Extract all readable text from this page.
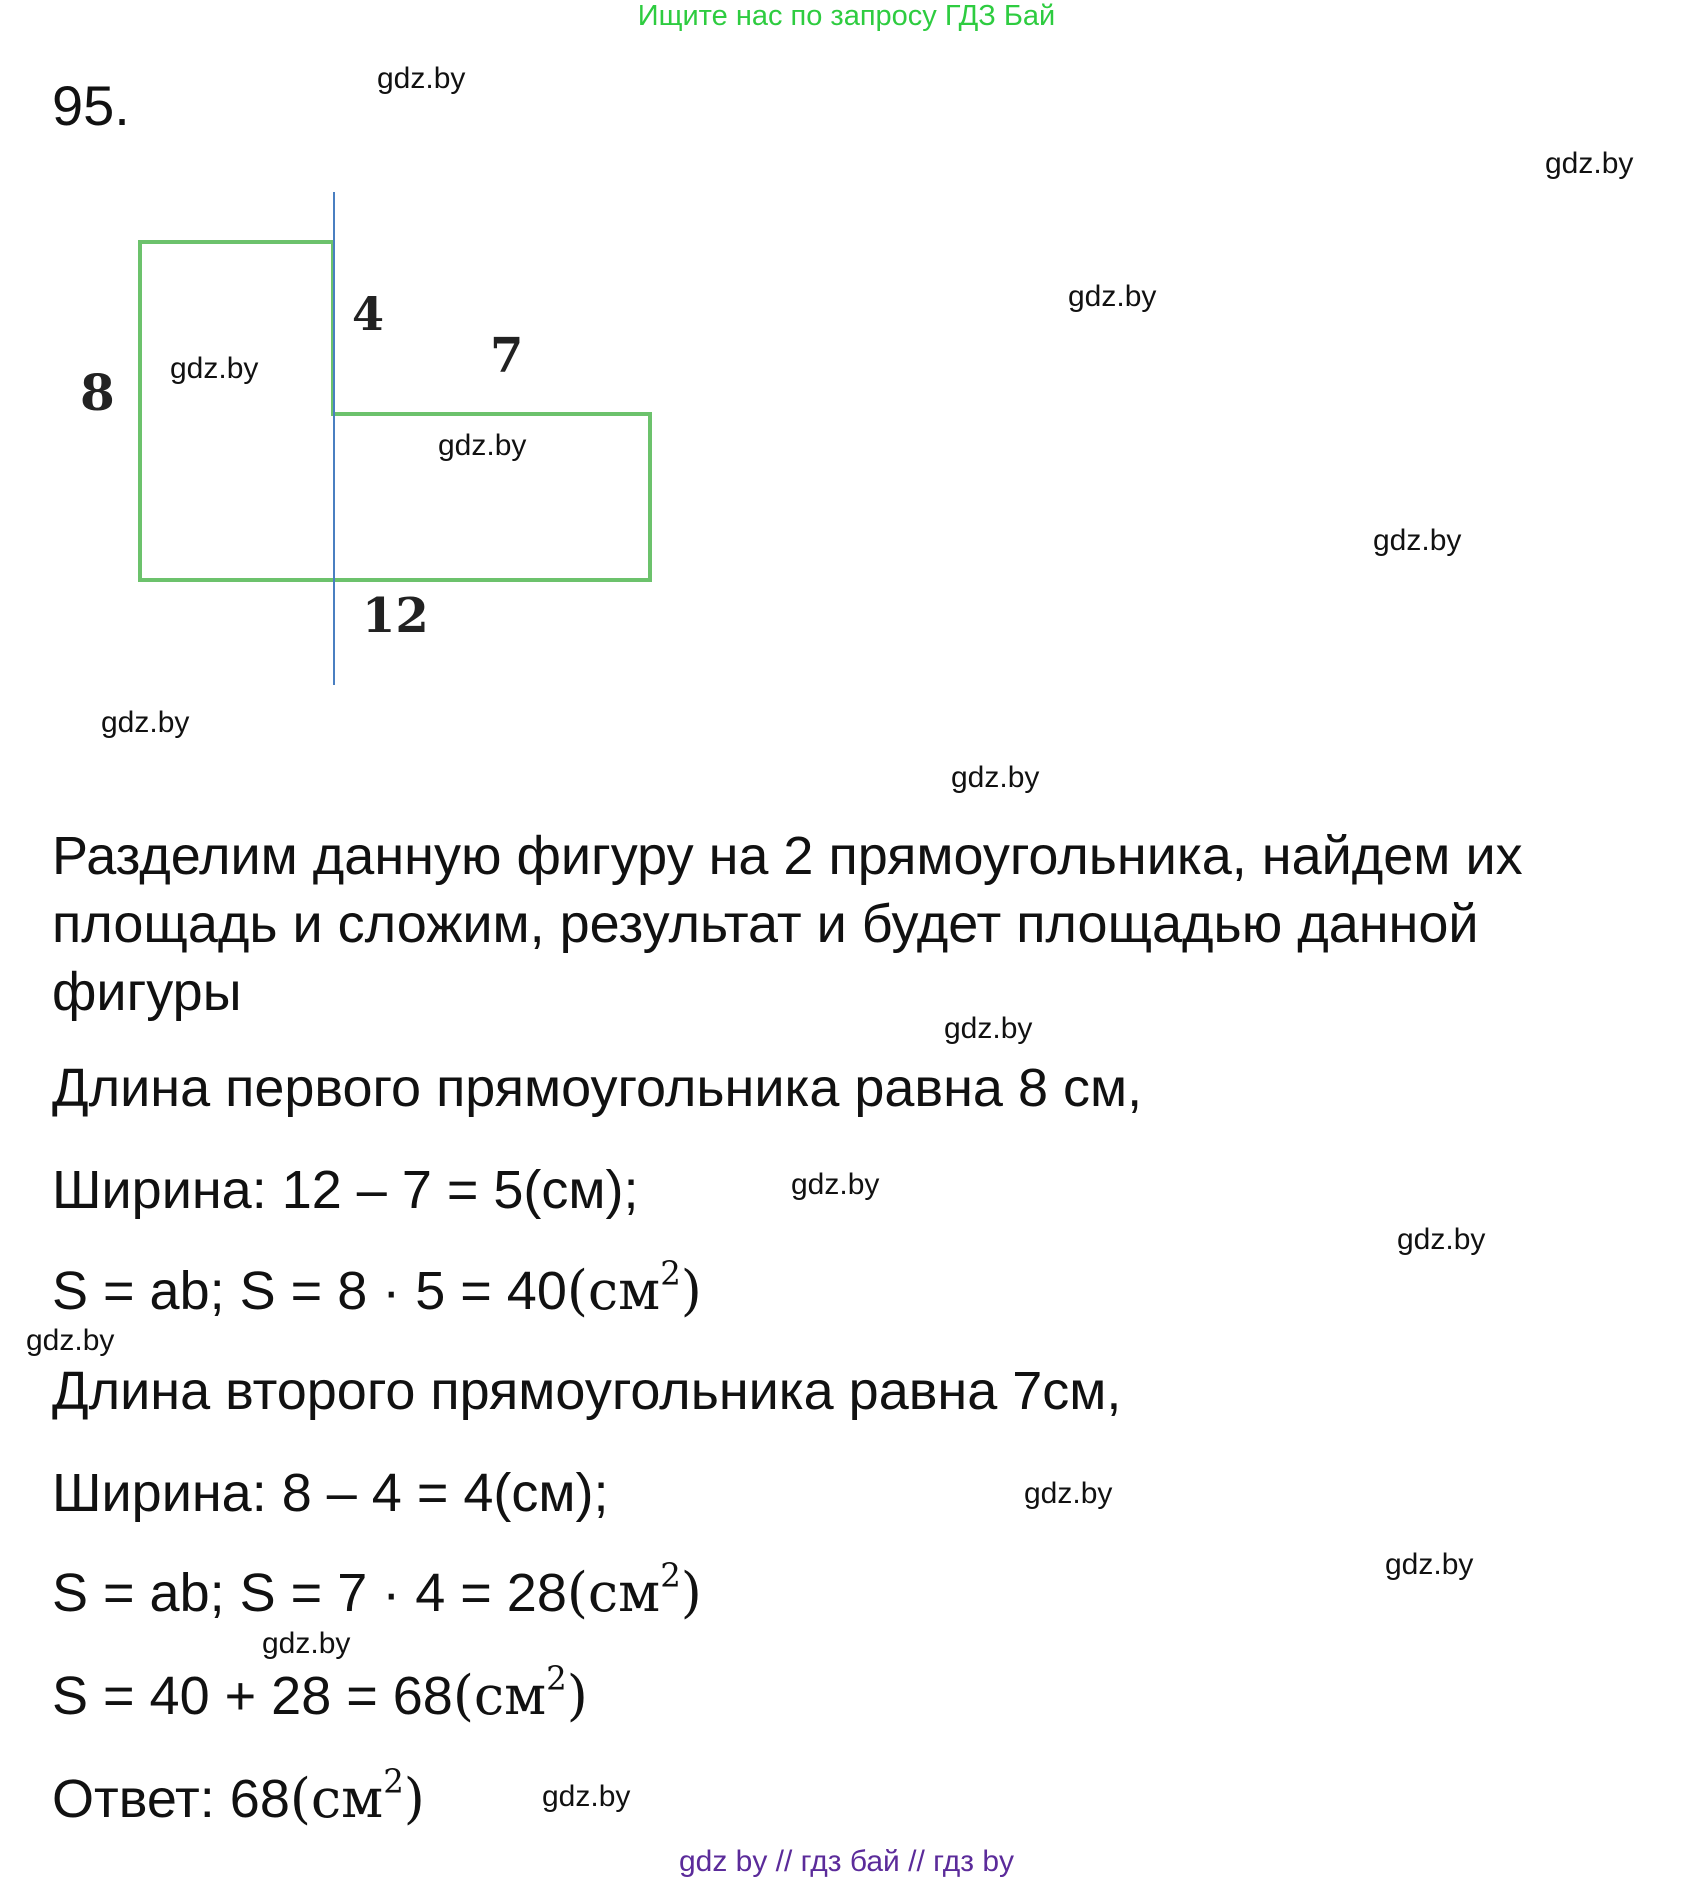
Ищите нас по запросу ГДЗ Бай
95.
8
4
7
12
gdz.by
gdz.by
gdz.by
gdz.by
gdz.by
gdz.by
gdz.by
gdz.by
gdz.by
gdz.by
gdz.by
gdz.by
gdz.by
gdz.by
gdz.by
gdz.by
Разделим данную фигуру на 2 прямоугольника, найдем их площадь и сложим, результат и будет площадью данной фигуры
Длина первого прямоугольника равна 8 см,
Ширина: 12 – 7 = 5(см);
S = ab; $S = 8 \cdot 5 = 40(см^2)$
Длина второго прямоугольника равна 7см,
Ширина: 8 – 4 = 4(см);
S = ab; $S = 7 \cdot 4 = 28(см^2)$
$S = 40 + 28 = 68(см^2)$
Ответ: $68(см^2)$
gdz by // гдз бай // гдз by
